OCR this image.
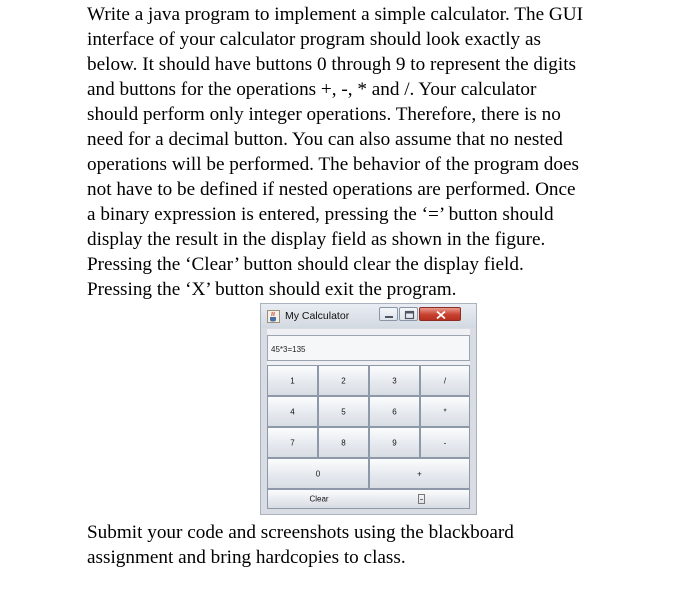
Write a java program to implement a simple calculator. The GUI
interface of your calculator program should look exactly as
below. It should have buttons 0 through 9 to represent the digits
and buttons for the operations +, -, * and /. Your calculator
should perform only integer operations. Therefore, there is no
need for a decimal button. You can also assume that no nested
operations will be performed. The behavior of the program does
not have to be defined if nested operations are performed. Once
a binary expression is entered, pressing the ‘=’ button should
display the result in the display field as shown in the figure.
Pressing the ‘Clear’ button should clear the display field.
Pressing the ‘X’ button should exit the program.

My Calculator
45*3=135
1	2	3	/
4	5	6	*
7	8	9	-
0	+
Clear

Submit your code and screenshots using the blackboard
assignment and bring hardcopies to class.
